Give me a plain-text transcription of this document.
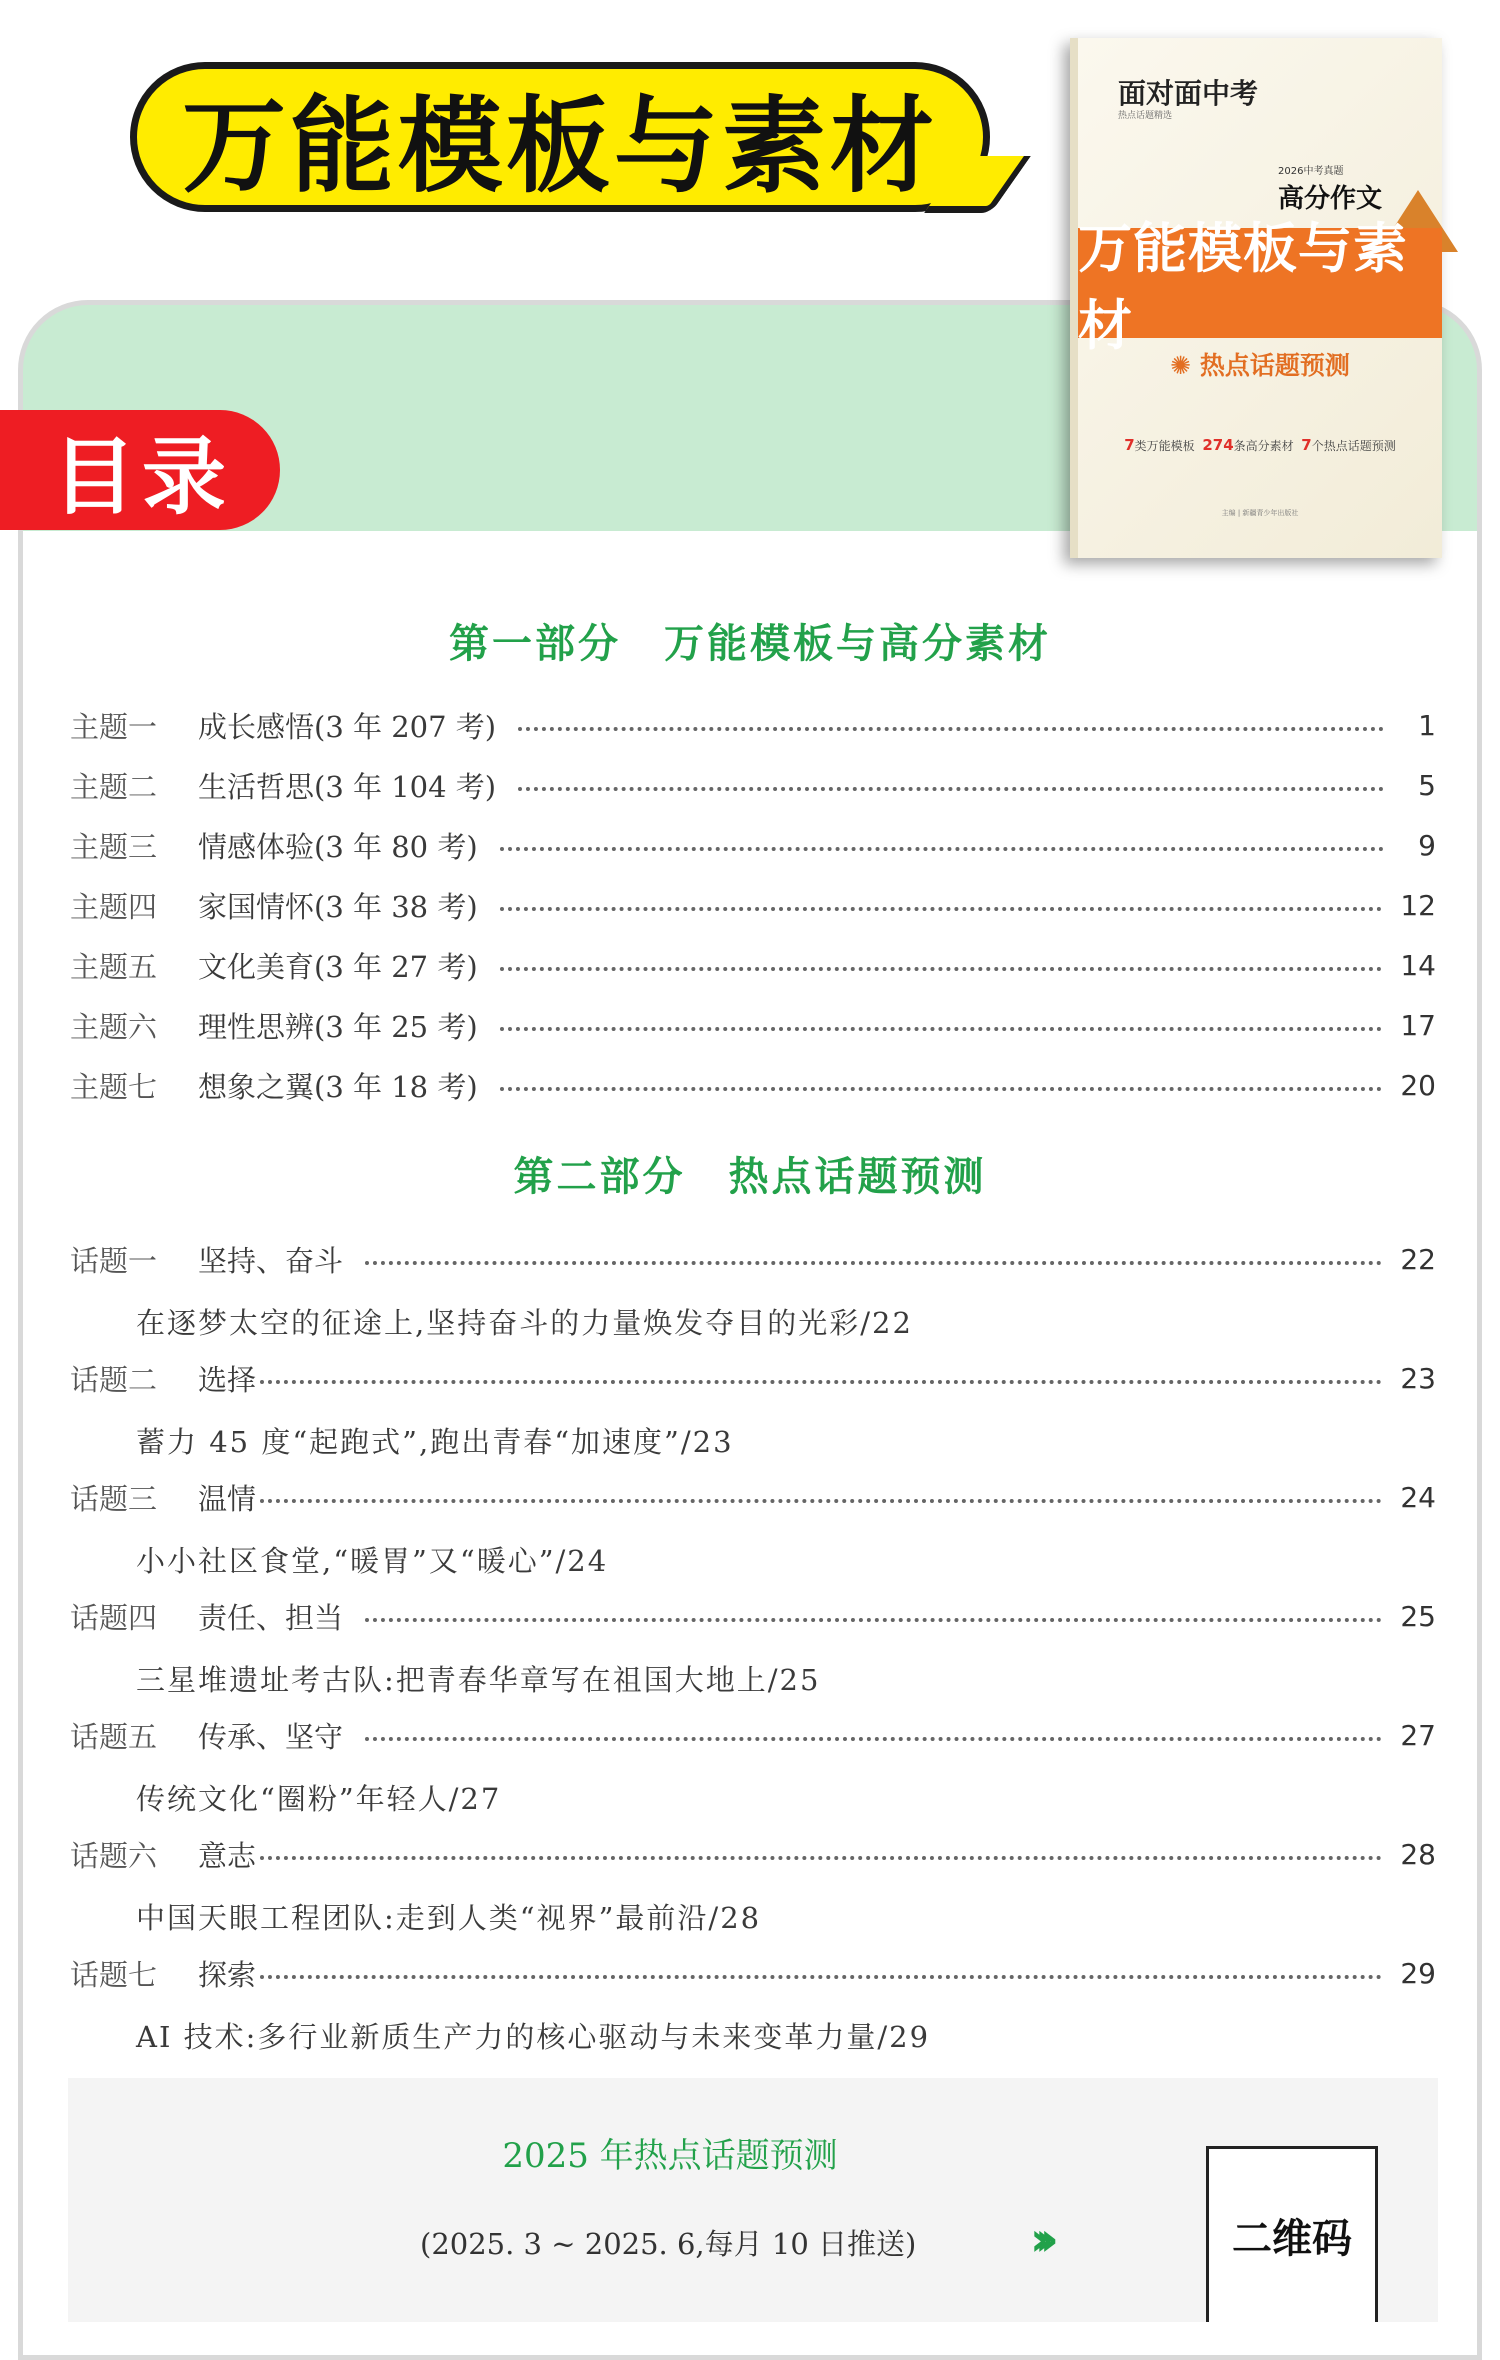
万能模板与素材	面对面中考
热点话题精选
2026中考真题
高分作文
万能模板与素材
✺ 热点话题预测
7类万能模板 274条高分素材 7个热点话题预测
主编 | 新疆青少年出版社
目录
第一部分　万能模板与高分素材
主题一	成长感悟(3 年 207 考)	1
主题二	生活哲思(3 年 104 考)	5
主题三	情感体验(3 年 80 考)	9
主题四	家国情怀(3 年 38 考)	12
主题五	文化美育(3 年 27 考)	14
主题六	理性思辨(3 年 25 考)	17
主题七	想象之翼(3 年 18 考)	20
第二部分　热点话题预测
话题一	坚持、奋斗	22
在逐梦太空的征途上,坚持奋斗的力量焕发夺目的光彩/22
话题二	选择	23
蓄力 45 度“起跑式”,跑出青春“加速度”/23
话题三	温情	24
小小社区食堂,“暖胃”又“暖心”/24
话题四	责任、担当	25
三星堆遗址考古队:把青春华章写在祖国大地上/25
话题五	传承、坚守	27
传统文化“圈粉”年轻人/27
话题六	意志	28
中国天眼工程团队:走到人类“视界”最前沿/28
话题七	探索	29
AI 技术:多行业新质生产力的核心驱动与未来变革力量/29
2025 年热点话题预测
(2025. 3 ~ 2025. 6,每月 10 日推送) ›››	二维码
